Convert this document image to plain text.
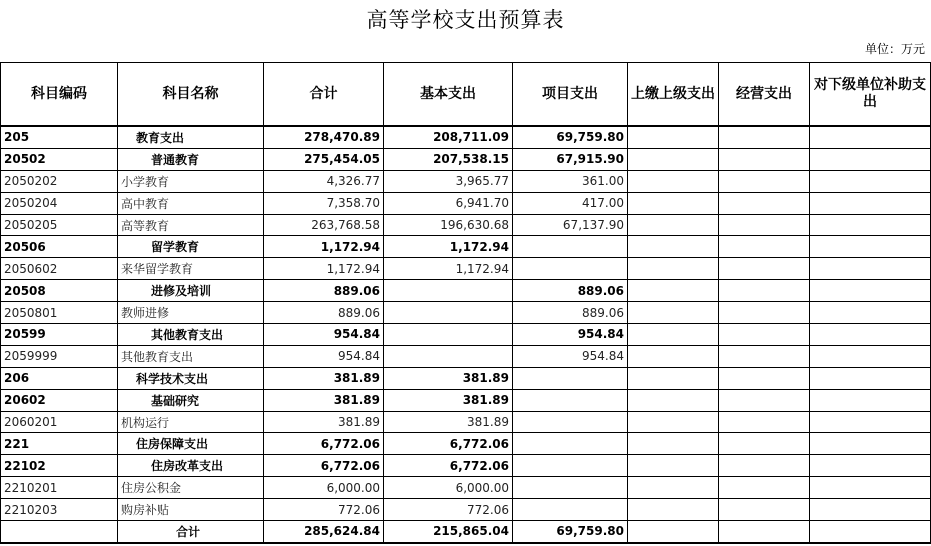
高等学校支出预算表
单位：万元
科目编码	科目名称	合计	基本支出	项目支出	上缴上级支出	经营支出	对下级单位补助支出
205	教育支出	278,470.89	208,711.09	69,759.80			
20502	普通教育	275,454.05	207,538.15	67,915.90			
2050202	小学教育	4,326.77	3,965.77	361.00			
2050204	高中教育	7,358.70	6,941.70	417.00			
2050205	高等教育	263,768.58	196,630.68	67,137.90			
20506	留学教育	1,172.94	1,172.94				
2050602	来华留学教育	1,172.94	1,172.94				
20508	进修及培训	889.06		889.06			
2050801	教师进修	889.06		889.06			
20599	其他教育支出	954.84		954.84			
2059999	其他教育支出	954.84		954.84			
206	科学技术支出	381.89	381.89				
20602	基础研究	381.89	381.89				
2060201	机构运行	381.89	381.89				
221	住房保障支出	6,772.06	6,772.06				
22102	住房改革支出	6,772.06	6,772.06				
2210201	住房公积金	6,000.00	6,000.00				
2210203	购房补贴	772.06	772.06				
	合计	285,624.84	215,865.04	69,759.80			
